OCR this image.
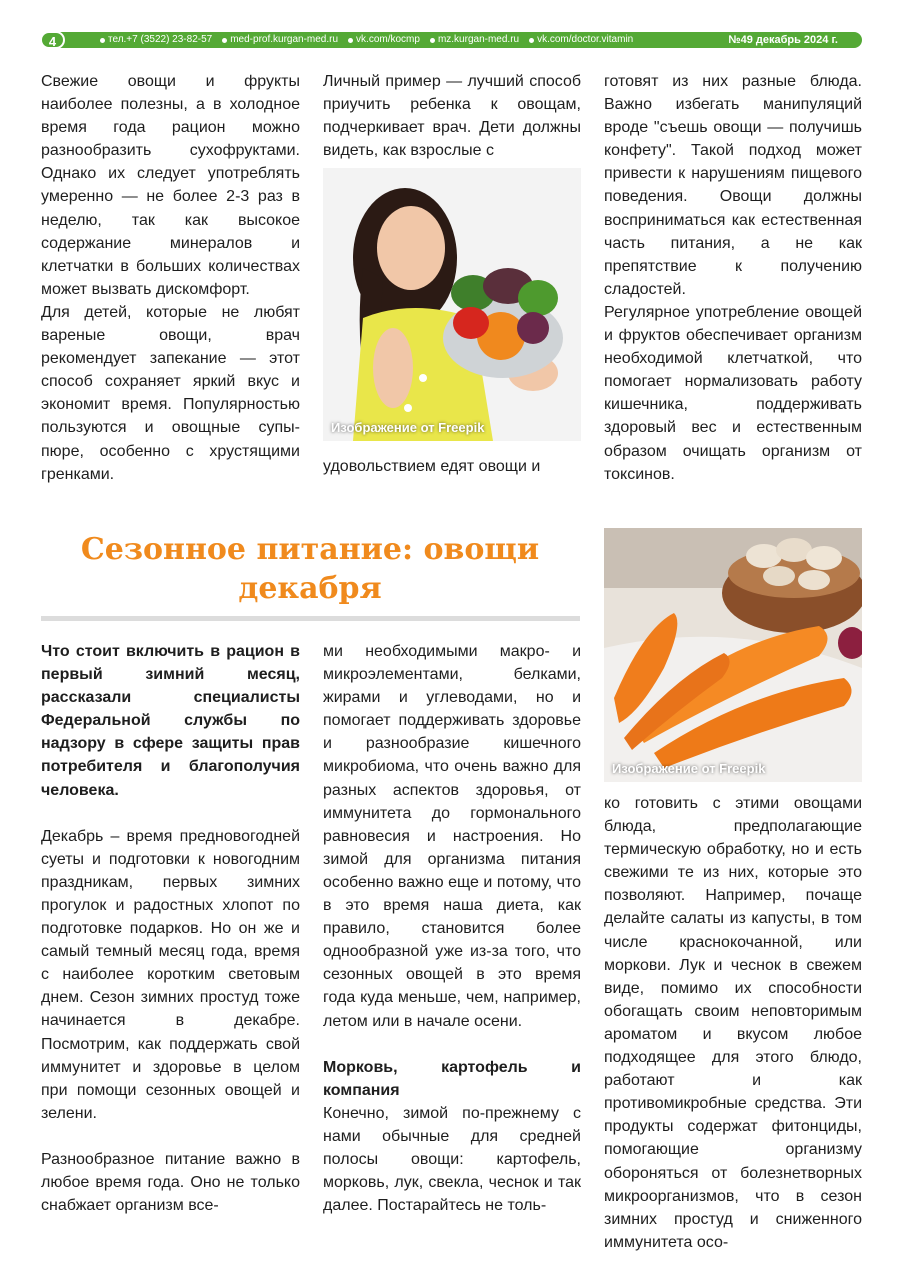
4	тел.+7 (3522) 23-82-57 med-prof.kurgan-med.ru vk.com/kocmp mz.kurgan-med.ru vk.com/doctor.vitamin	№49 декабрь 2024 г.

Свежие овощи и фрукты наиболее полезны, а в холодное время года рацион можно разнообразить сухофруктами. Однако их следует употреблять умеренно — не более 2-3 раз в неделю, так как высокое содержание минералов и клетчатки в больших количествах может вызвать дискомфорт.

Для детей, которые не любят вареные овощи, врач рекомендует запекание — этот способ сохраняет яркий вкус и экономит время. Популярностью пользуются и овощные супы-пюре, особенно с хрустящими гренками.

Личный пример — лучший способ приучить ребенка к овощам, подчеркивает врач. Дети должны видеть, как взрослые с

Изображение от Freepik

удовольствием едят овощи и

готовят из них разные блюда. Важно избегать манипуляций вроде "съешь овощи — получишь конфету". Такой подход может привести к нарушениям пищевого поведения. Овощи должны восприниматься как естественная часть питания, а не как препятствие к получению сладостей.

Регулярное употребление овощей и фруктов обеспечивает организм необходимой клетчаткой, что помогает нормализовать работу кишечника, поддерживать здоровый вес и естественным образом очищать организм от токсинов.

Сезонное питание: овощи декабря
Изображение от Freepik

Что стоит включить в рацион в первый зимний месяц, рассказали специалисты Федеральной службы по надзору в сфере защиты прав потребителя и благополучия человека.

Декабрь – время предновогодней суеты и подготовки к новогодним праздникам, первых зимних прогулок и радостных хлопот по подготовке подарков. Но он же и самый темный месяц года, время с наиболее коротким световым днем. Сезон зимних простуд тоже начинается в декабре. Посмотрим, как поддержать свой иммунитет и здоровье в целом при помощи сезонных овощей и зелени.

Разнообразное питание важно в любое время года. Оно не только снабжает организм все-

ми необходимыми макро- и микроэлементами, белками, жирами и углеводами, но и помогает поддерживать здоровье и разнообразие кишечного микробиома, что очень важно для разных аспектов здоровья, от иммунитета до гормонального равновесия и настроения. Но зимой для организма питания особенно важно еще и потому, что в это время наша диета, как правило, становится более однообразной уже из-за того, что сезонных овощей в это время года куда меньше, чем, например, летом или в начале осени.

Морковь, картофель и компания

Конечно, зимой по-прежнему с нами обычные для средней полосы овощи: картофель, морковь, лук, свекла, чеснок и так далее. Постарайтесь не толь-

ко готовить с этими овощами блюда, предполагающие термическую обработку, но и есть свежими те из них, которые это позволяют. Например, почаще делайте салаты из капусты, в том числе краснокочанной, или моркови. Лук и чеснок в свежем виде, помимо их способности обогащать своим неповторимым ароматом и вкусом любое подходящее для этого блюдо, работают и как противомикробные средства. Эти продукты содержат фитонциды, помогающие организму обороняться от болезнетворных микроорганизмов, что в сезон зимних простуд и сниженного иммунитета осо-
